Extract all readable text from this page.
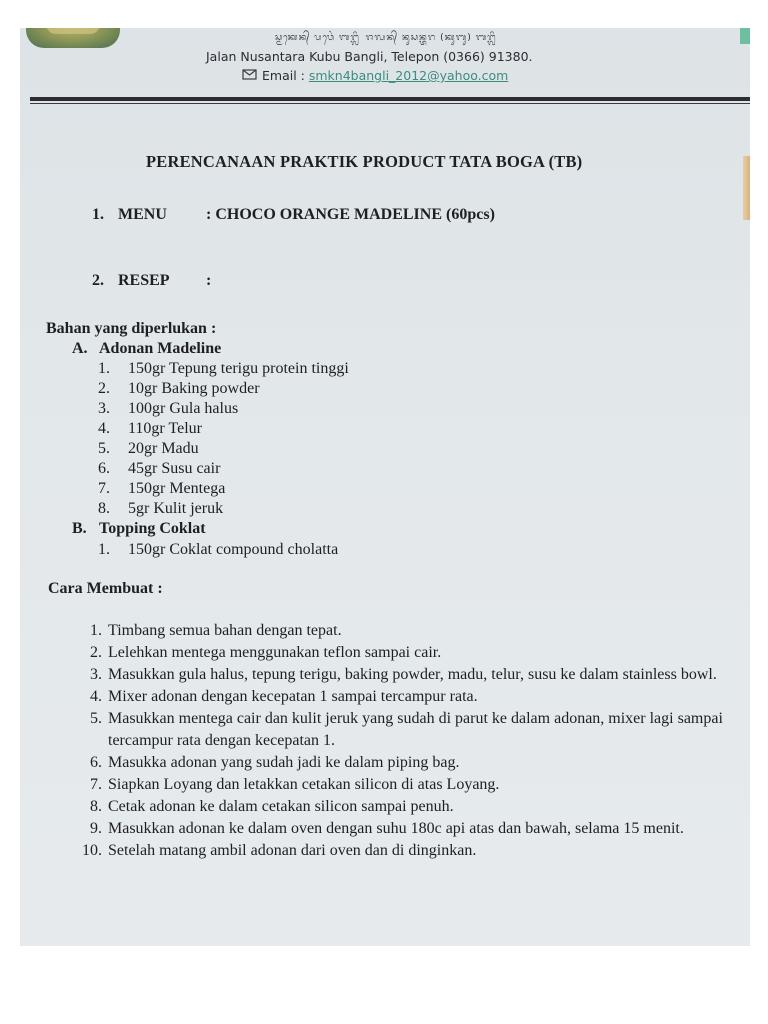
ᬲ᭄ᬫᬓᬾᬦ᭄ ᬧᬯᬾᬂ ᬩᬗ᭄ᬮᬶ ᬚᬮᬦ᭄ ᬦᬸᬲᬦ᭄ᬢᬭ (ᬓᬸᬩᬸ) ᬩᬗ᭄ᬮᬶ
Jalan Nusantara Kubu Bangli, Telepon (0366) 91380.
Email : smkn4bangli_2012@yahoo.com
PERENCANAAN PRAKTIK PRODUCT TATA BOGA (TB)
1. MENU : CHOCO ORANGE MADELINE (60pcs)
2. RESEP :
Bahan yang diperlukan :
A. Adonan Madeline
1. 150gr Tepung terigu protein tinggi
2. 10gr Baking powder
3. 100gr Gula halus
4. 110gr Telur
5. 20gr Madu
6. 45gr Susu cair
7. 150gr Mentega
8. 5gr Kulit jeruk
B. Topping Coklat
1. 150gr Coklat compound cholatta
Cara Membuat :
1. Timbang semua bahan dengan tepat.
2. Lelehkan mentega menggunakan teflon sampai cair.
3. Masukkan gula halus, tepung terigu, baking powder, madu, telur, susu ke dalam stainless bowl.
4. Mixer adonan dengan kecepatan 1 sampai tercampur rata.
5. Masukkan mentega cair dan kulit jeruk yang sudah di parut ke dalam adonan, mixer lagi sampai tercampur rata dengan kecepatan 1.
6. Masukka adonan yang sudah jadi ke dalam piping bag.
7. Siapkan Loyang dan letakkan cetakan silicon di atas Loyang.
8. Cetak adonan ke dalam cetakan silicon sampai penuh.
9. Masukkan adonan ke dalam oven dengan suhu 180c api atas dan bawah, selama 15 menit.
10. Setelah matang ambil adonan dari oven dan di dinginkan.
